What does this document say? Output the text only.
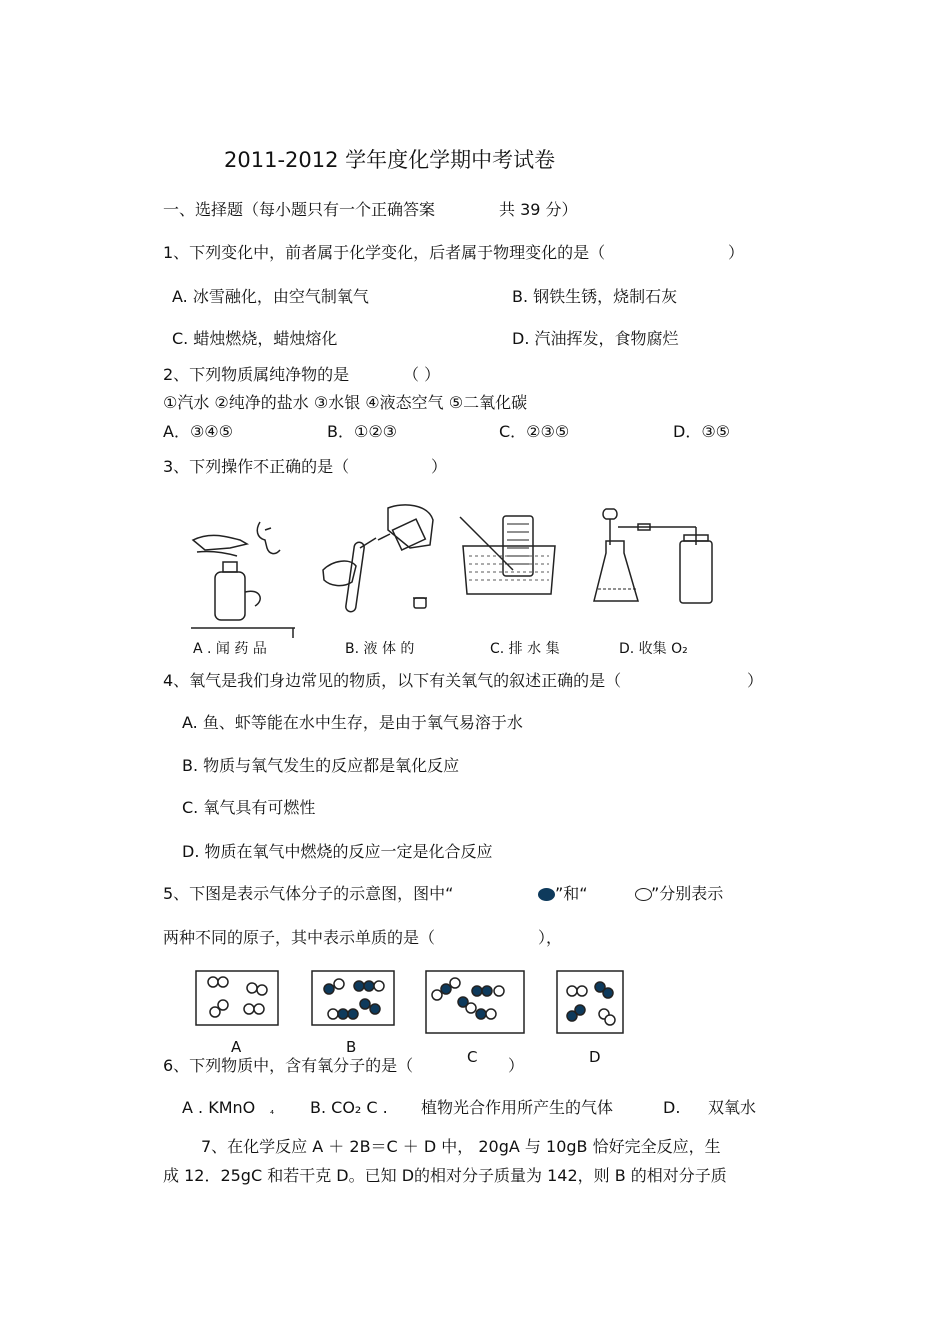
2011-2012 学年度化学期中考试卷
一、选择题（每小题只有一个正确答案	共 39 分）
1、下列变化中，前者属于化学变化，后者属于物理变化的是（	）
A. 冰雪融化，由空气制氧气	B. 钢铁生锈，烧制石灰
C. 蜡烛燃烧，蜡烛熔化	D. 汽油挥发，食物腐烂
2、下列物质属纯净物的是	（ ）
①汽水 ②纯净的盐水 ③水银 ④液态空气 ⑤二氧化碳
A．③④⑤	B．①②③	C．②③⑤	D．③⑤
3、下列操作不正确的是（	）
A . 闻 药 品	B. 液 体 的	C. 排 水 集	D. 收集 O₂
4、氧气是我们身边常见的物质，以下有关氧气的叙述正确的是（	）
A. 鱼、虾等能在水中生存，是由于氧气易溶于水
B. 物质与氧气发生的反应都是氧化反应
C. 氧气具有可燃性
D. 物质在氧气中燃烧的反应一定是化合反应
5、下图是表示气体分子的示意图，图中“	”和“	”分别表示
两种不同的原子，其中表示单质的是（	），
A	B
C	D
6、下列物质中，含有氧分子的是（	）
A . KMnO ₄ B. CO₂ C . 植物光合作用所产生的气体	D. 双氧水
7、在化学反应 A ＋ 2B＝C ＋ D 中， 20gA 与 10gB 恰好完全反应，生
成 12．25gC 和若干克 D。已知 D的相对分子质量为 142，则 B 的相对分子质
